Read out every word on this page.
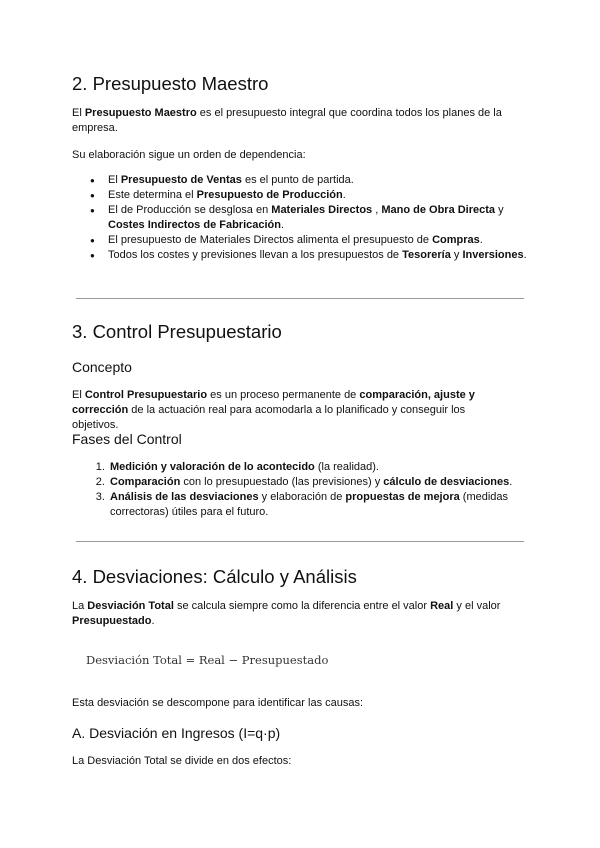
2. Presupuesto Maestro
El Presupuesto Maestro es el presupuesto integral que coordina todos los planes de la empresa.
Su elaboración sigue un orden de dependencia:
● El Presupuesto de Ventas es el punto de partida.
● Este determina el Presupuesto de Producción.
● El de Producción se desglosa en Materiales Directos , Mano de Obra Directa y Costes Indirectos de Fabricación.
● El presupuesto de Materiales Directos alimenta el presupuesto de Compras.
● Todos los costes y previsiones llevan a los presupuestos de Tesorería y Inversiones.
3. Control Presupuestario
Concepto
El Control Presupuestario es un proceso permanente de comparación, ajuste y corrección de la actuación real para acomodarla a lo planificado y conseguir los objetivos.
Fases del Control
1. Medición y valoración de lo acontecido (la realidad).
2. Comparación con lo presupuestado (las previsiones) y cálculo de desviaciones.
3. Análisis de las desviaciones y elaboración de propuestas de mejora (medidas correctoras) útiles para el futuro.
4. Desviaciones: Cálculo y Análisis
La Desviación Total se calcula siempre como la diferencia entre el valor Real y el valor Presupuestado.
Desviación Total = Real − Presupuestado
Esta desviación se descompone para identificar las causas:
A. Desviación en Ingresos (I=q·p)
La Desviación Total se divide en dos efectos:
